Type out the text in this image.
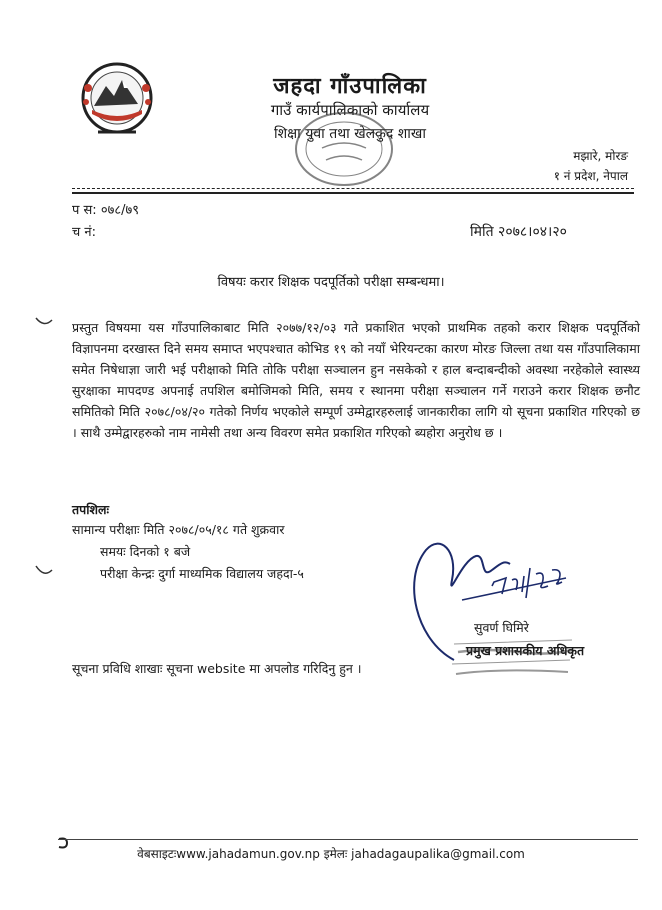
जहदा गाँउपालिका
गाउँ कार्यपालिकाको कार्यालय
शिक्षा युवा तथा खेलकुद शाखा
मझारे, मोरङ
१ नं प्रदेश, नेपाल
प स: ०७८/७९
च नं:	मिति २०७८।०४।२०
विषयः करार शिक्षक पदपूर्तिको परीक्षा सम्बन्धमा।
प्रस्तुत विषयमा यस गाँउपालिकाबाट मिति २०७७/१२/०३ गते प्रकाशित भएको प्राथमिक तहको करार शिक्षक पदपूर्तिको विज्ञापनमा दरखास्त दिने समय समाप्त भएपश्चात कोभिड १९ को नयाँ भेरियन्टका कारण मोरङ जिल्ला तथा यस गाँउपालिकामा समेत निषेधाज्ञा जारी भई परीक्षाको मिति तोकि परीक्षा सञ्चालन हुन नसकेको र हाल बन्दाबन्दीको अवस्था नरहेकोले स्वास्थ्य सुरक्षाका मापदण्ड अपनाई तपशिल बमोजिमको मिति, समय र स्थानमा परीक्षा सञ्चालन गर्ने गराउने करार शिक्षक छनौट समितिको मिति २०७८/०४/२० गतेको निर्णय भएकोले सम्पूर्ण उम्मेद्वारहरुलाई जानकारीका लागि यो सूचना प्रकाशित गरिएको छ । साथै उम्मेद्वारहरुको नाम नामेसी तथा अन्य विवरण समेत प्रकाशित गरिएको ब्यहोरा अनुरोध छ ।
तपशिलः
सामान्य परीक्षाः मिति २०७८/०५/१८ गते शुक्रवार
समयः दिनको १ बजे
परीक्षा केन्द्रः दुर्गा माध्यमिक विद्यालय जहदा-५
सुवर्ण घिमिरे
प्रमुख प्रशासकीय अधिकृत
सूचना प्रविधि शाखाः सूचना website मा अपलोड गरिदिनु हुन ।
वेबसाइटःwww.jahadamun.gov.np इमेलः jahadagaupalika@gmail.com
